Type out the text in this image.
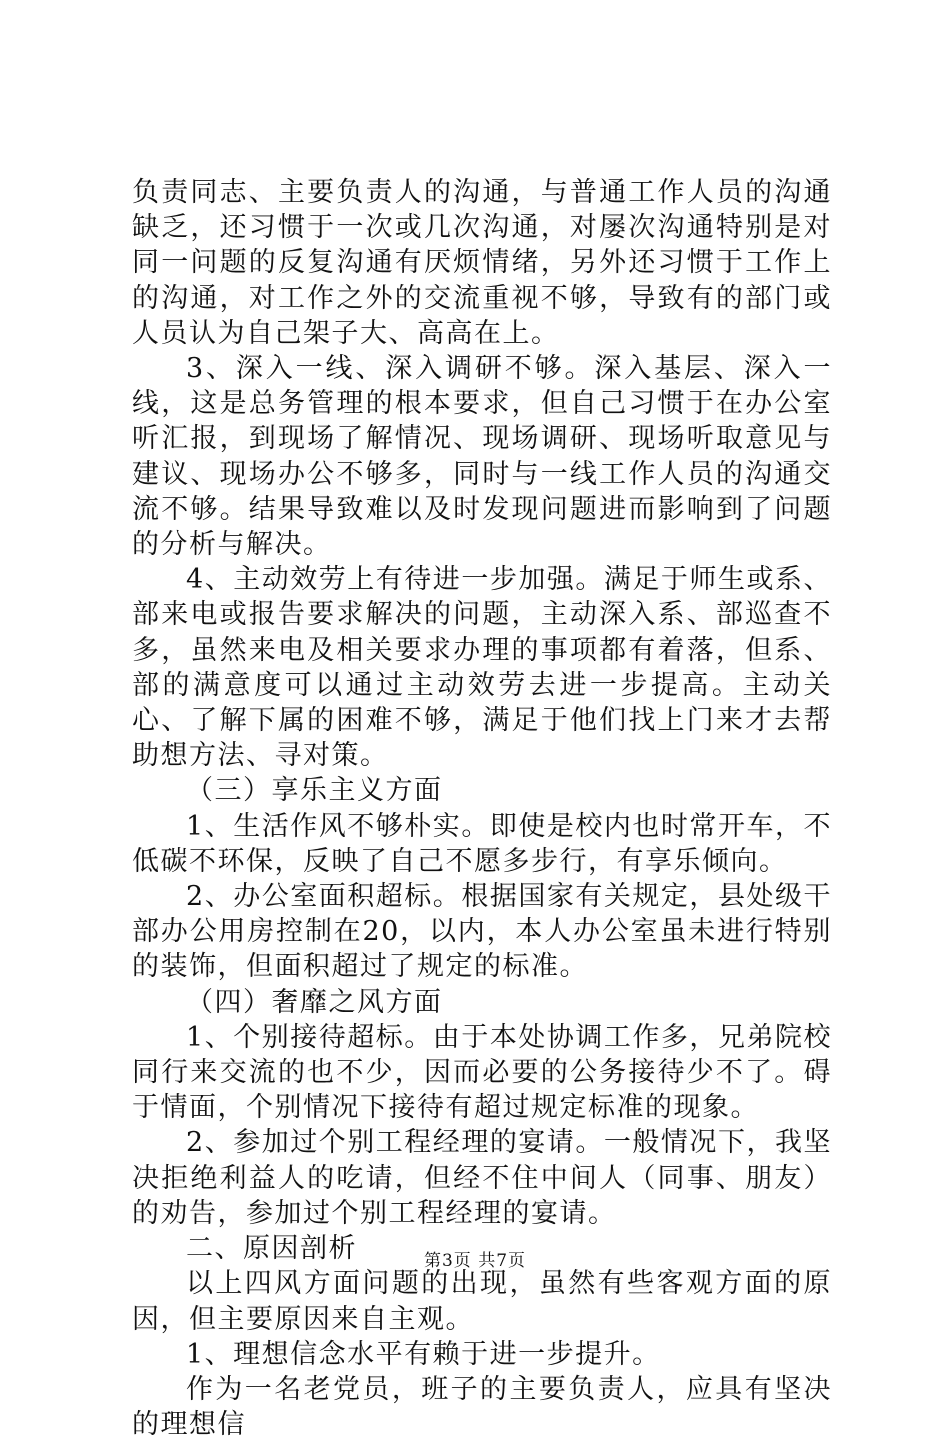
负责同志、主要负责人的沟通，与普通工作人员的沟通缺乏，还习惯于一次或几次沟通，对屡次沟通特别是对同一问题的反复沟通有厌烦情绪，另外还习惯于工作上的沟通，对工作之外的交流重视不够，导致有的部门或人员认为自己架子大、高高在上。

3、深入一线、深入调研不够。深入基层、深入一线，这是总务管理的根本要求，但自己习惯于在办公室听汇报，到现场了解情况、现场调研、现场听取意见与建议、现场办公不够多，同时与一线工作人员的沟通交流不够。结果导致难以及时发现问题进而影响到了问题的分析与解决。

4、主动效劳上有待进一步加强。满足于师生或系、部来电或报告要求解决的问题，主动深入系、部巡查不多，虽然来电及相关要求办理的事项都有着落，但系、部的满意度可以通过主动效劳去进一步提高。主动关心、了解下属的困难不够，满足于他们找上门来才去帮助想方法、寻对策。

（三）享乐主义方面

1、生活作风不够朴实。即使是校内也时常开车，不低碳不环保，反映了自己不愿多步行，有享乐倾向。

2、办公室面积超标。根据国家有关规定，县处级干部办公用房控制在20，以内，本人办公室虽未进行特别的装饰，但面积超过了规定的标准。

（四）奢靡之风方面

1、个别接待超标。由于本处协调工作多，兄弟院校同行来交流的也不少，因而必要的公务接待少不了。碍于情面，个别情况下接待有超过规定标准的现象。

2、参加过个别工程经理的宴请。一般情况下，我坚决拒绝利益人的吃请，但经不住中间人（同事、朋友）的劝告，参加过个别工程经理的宴请。

二、原因剖析

以上四风方面问题的出现，虽然有些客观方面的原因，但主要原因来自主观。

1、理想信念水平有赖于进一步提升。

作为一名老党员，班子的主要负责人，应具有坚决的理想信

第3页 共7页
